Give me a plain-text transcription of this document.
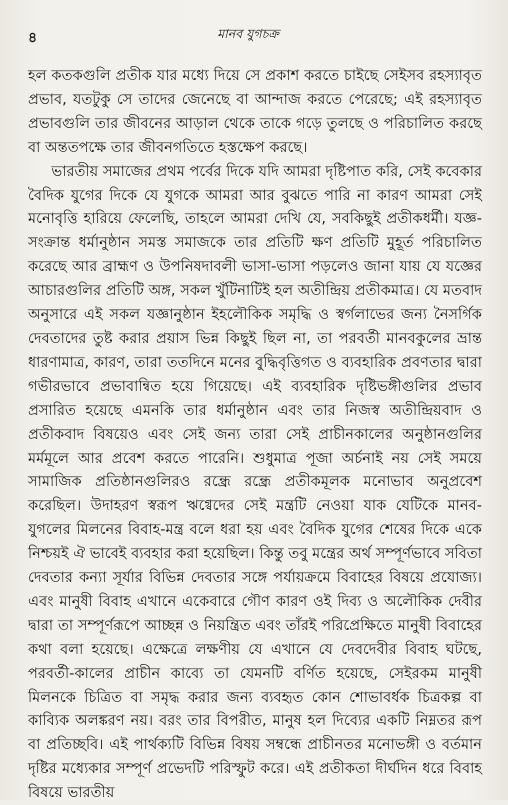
৪	মানব যুগচক্র

হল কতকগুলি প্রতীক যার মধ্যে দিয়ে সে প্রকাশ করতে চাইছে সেইসব রহস্যাবৃত প্রভাব, যতটুকু সে তাদের জেনেছে বা আন্দাজ করতে পেরেছে; এই রহস্যাবৃত প্রভাবগুলি তার জীবনের আড়াল থেকে তাকে গড়ে তুলছে ও পরিচালিত করছে বা অন্ততপক্ষে তার জীবনগতিতে হস্তক্ষেপ করছে।

ভারতীয় সমাজের প্রথম পর্বের দিকে যদি আমরা দৃষ্টিপাত করি, সেই কবেকার বৈদিক যুগের দিকে যে যুগকে আমরা আর বুঝতে পারি না কারণ আমরা সেই মনোবৃত্তি হারিয়ে ফেলেছি, তাহলে আমরা দেখি যে, সবকিছুই প্রতীকধর্মী। যজ্ঞ-সংক্রান্ত ধর্মানুষ্ঠান সমস্ত সমাজকে তার প্রতিটি ক্ষণ প্রতিটি মুহূর্ত পরিচালিত করেছে আর ব্রাহ্মণ ও উপনিষদাবলী ভাসা-ভাসা পড়লেও জানা যায় যে যজ্ঞের আচারগুলির প্রতিটি অঙ্গ, সকল খুঁটিনাটিই হল অতীন্দ্রিয় প্রতীকমাত্র। যে মতবাদ অনুসারে এই সকল যজ্ঞানুষ্ঠান ইহলৌকিক সমৃদ্ধি ও স্বর্গলাভের জন্য নৈসর্গিক দেবতাদের তুষ্ট করার প্রয়াস ভিন্ন কিছুই ছিল না, তা পরবর্তী মানবকুলের ভ্রান্ত ধারণামাত্র, কারণ, তারা ততদিনে মনের বুদ্ধিবৃত্তিগত ও ব্যবহারিক প্রবণতার দ্বারা গভীরভাবে প্রভাবান্বিত হয়ে গিয়েছে। এই ব্যবহারিক দৃষ্টিভঙ্গীগুলির প্রভাব প্রসারিত হয়েছে এমনকি তার ধর্মানুষ্ঠান এবং তার নিজস্ব অতীন্দ্রিয়বাদ ও প্রতীকবাদ বিষয়েও এবং সেই জন্য তারা সেই প্রাচীনকালের অনুষ্ঠানগুলির মর্মমূলে আর প্রবেশ করতে পারেনি। শুধুমাত্র পূজা অর্চনাই নয় সেই সময়ে সামাজিক প্রতিষ্ঠানগুলিরও রন্ধ্রে রন্ধ্রে প্রতীকমূলক মনোভাব অনুপ্রবেশ করেছিল। উদাহরণ স্বরূপ ঋগ্বেদের সেই মন্ত্রটি নেওয়া যাক যেটিকে মানব-যুগলের মিলনের বিবাহ-মন্ত্র বলে ধরা হয় এবং বৈদিক যুগের শেষের দিকে একে নিশ্চয়ই ঐ ভাবেই ব্যবহার করা হয়েছিল। কিন্তু তবু মন্ত্রের অর্থ সম্পূর্ণভাবে সবিতা দেবতার কন্যা সূর্যার বিভিন্ন দেবতার সঙ্গে পর্যায়ক্রমে বিবাহের বিষয়ে প্রযোজ্য। এবং মানুষী বিবাহ এখানে একেবারে গৌণ কারণ ওই দিব্য ও অলৌকিক দেবীর দ্বারা তা সম্পূর্ণরূপে আচ্ছন্ন ও নিয়ন্ত্রিত এবং তাঁরই পরিপ্রেক্ষিতে মানুষী বিবাহের কথা বলা হয়েছে। এক্ষেত্রে লক্ষণীয় যে এখানে যে দেবদেবীর বিবাহ ঘটছে, পরবর্তী-কালের প্রাচীন কাব্যে তা যেমনটি বর্ণিত হয়েছে, সেইরকম মানুষী মিলনকে চিত্রিত বা সমৃদ্ধ করার জন্য ব্যবহৃত কোন শোভাবর্ধক চিত্রকল্প বা কাব্যিক অলঙ্করণ নয়। বরং তার বিপরীত, মানুষ হল দিব্যের একটি নিম্নতর রূপ বা প্রতিচ্ছবি। এই পার্থক্যটি বিভিন্ন বিষয় সম্বন্ধে প্রাচীনতর মনোভঙ্গী ও বর্তমান দৃষ্টির মধ্যেকার সম্পূর্ণ প্রভেদটি পরিস্ফুট করে। এই প্রতীকতা দীর্ঘদিন ধরে বিবাহ বিষয়ে ভারতীয়
